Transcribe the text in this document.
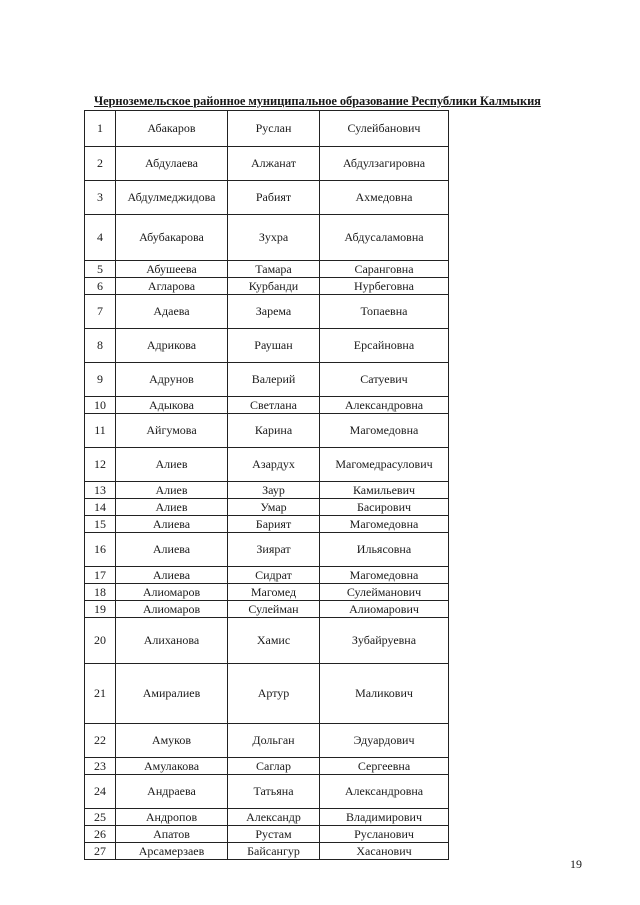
Черноземельское районное муниципальное образование Республики Калмыкия
1	Абакаров	Руслан	Сулейбанович
2	Абдулаева	Алжанат	Абдулзагировна
3	Абдулмеджидова	Рабият	Ахмедовна
4	Абубакарова	Зухра	Абдусаламовна
5	Абушеева	Тамара	Саранговна
6	Агларова	Курбанди	Нурбеговна
7	Адаева	Зарема	Топаевна
8	Адрикова	Раушан	Ерсайновна
9	Адрунов	Валерий	Сатуевич
10	Адыкова	Светлана	Александровна
11	Айгумова	Карина	Магомедовна
12	Алиев	Азардух	Магомедрасулович
13	Алиев	Заур	Камильевич
14	Алиев	Умар	Басирович
15	Алиева	Барият	Магомедовна
16	Алиева	Зиярат	Ильясовна
17	Алиева	Сидрат	Магомедовна
18	Алиомаров	Магомед	Сулейманович
19	Алиомаров	Сулейман	Алиомарович
20	Алиханова	Хамис	Зубайруевна
21	Амиралиев	Артур	Маликович
22	Амуков	Дольган	Эдуардович
23	Амулакова	Саглар	Сергеевна
24	Андраева	Татьяна	Александровна
25	Андропов	Александр	Владимирович
26	Апатов	Рустам	Русланович
27	Арсамерзаев	Байсангур	Хасанович
19
